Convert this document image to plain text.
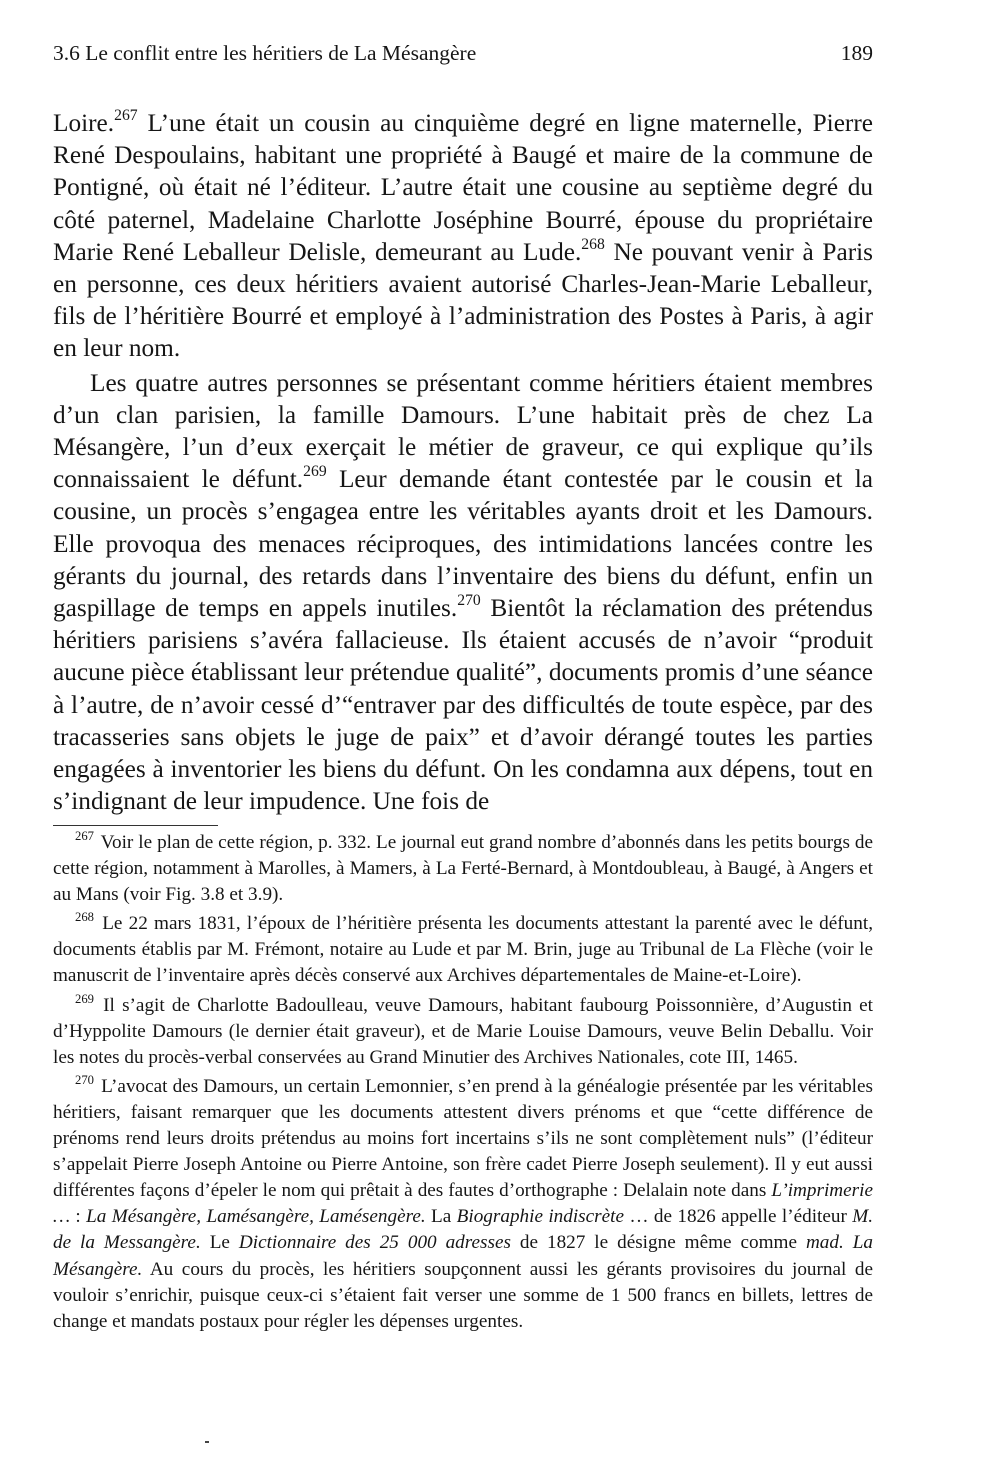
3.6 Le conflit entre les héritiers de La Mésangère	189

Loire.$^{267}$ L’une était un cousin au cinquième degré en ligne maternelle, Pierre René Despoulains, habitant une propriété à Baugé et maire de la commune de Pontigné, où était né l’éditeur. L’autre était une cousine au septième degré du côté paternel, Madelaine Charlotte Joséphine Bourré, épouse du propriétaire Marie René Leballeur Delisle, demeurant au Lude.$^{268}$ Ne pouvant venir à Paris en personne, ces deux héritiers avaient autorisé Charles-Jean-Marie Leballeur, fils de l’héritière Bourré et employé à l’administration des Postes à Paris, à agir en leur nom.

Les quatre autres personnes se présentant comme héritiers étaient membres d’un clan parisien, la famille Damours. L’une habitait près de chez La Mésangère, l’un d’eux exerçait le métier de graveur, ce qui explique qu’ils connaissaient le défunt.$^{269}$ Leur demande étant contestée par le cousin et la cousine, un procès s’engagea entre les véritables ayants droit et les Damours. Elle provoqua des menaces réciproques, des intimidations lancées contre les gérants du journal, des retards dans l’inventaire des biens du défunt, enfin un gaspillage de temps en appels inutiles.$^{270}$ Bientôt la réclamation des prétendus héritiers parisiens s’avéra fallacieuse. Ils étaient accusés de n’avoir “produit aucune pièce établissant leur prétendue qualité”, documents promis d’une séance à l’autre, de n’avoir cessé d’“entraver par des difficultés de toute espèce, par des tracasseries sans objets le juge de paix” et d’avoir dérangé toutes les parties engagées à inventorier les biens du défunt. On les condamna aux dépens, tout en s’indignant de leur impudence. Une fois de

$^{267}$ Voir le plan de cette région, p. 332. Le journal eut grand nombre d’abonnés dans les petits bourgs de cette région, notamment à Marolles, à Mamers, à La Ferté-Bernard, à Montdoubleau, à Baugé, à Angers et au Mans (voir Fig. 3.8 et 3.9).

$^{268}$ Le 22 mars 1831, l’époux de l’héritière présenta les documents attestant la parenté avec le défunt, documents établis par M. Frémont, notaire au Lude et par M. Brin, juge au Tribunal de La Flèche (voir le manuscrit de l’inventaire après décès conservé aux Archives départementales de Maine-et-Loire).

$^{269}$ Il s’agit de Charlotte Badoulleau, veuve Damours, habitant faubourg Poissonnière, d’Augustin et d’Hyppolite Damours (le dernier était graveur), et de Marie Louise Damours, veuve Belin Deballu. Voir les notes du procès-verbal conservées au Grand Minutier des Archives Nationales, cote III, 1465.

$^{270}$ L’avocat des Damours, un certain Lemonnier, s’en prend à la généalogie présentée par les véritables héritiers, faisant remarquer que les documents attestent divers prénoms et que “cette différence de prénoms rend leurs droits prétendus au moins fort incertains s’ils ne sont complètement nuls” (l’éditeur s’appelait Pierre Joseph Antoine ou Pierre Antoine, son frère cadet Pierre Joseph seulement). Il y eut aussi différentes façons d’épeler le nom qui prêtait à des fautes d’orthographe : Delalain note dans L’imprimerie … : La Mésangère, Lamésangère, Lamésengère. La Biographie indiscrète … de 1826 appelle l’éditeur M. de la Messangère. Le Dictionnaire des 25 000 adresses de 1827 le désigne même comme mad. La Mésangère. Au cours du procès, les héritiers soupçonnent aussi les gérants provisoires du journal de vouloir s’enrichir, puisque ceux-ci s’étaient fait verser une somme de 1 500 francs en billets, lettres de change et mandats postaux pour régler les dépenses urgentes.
